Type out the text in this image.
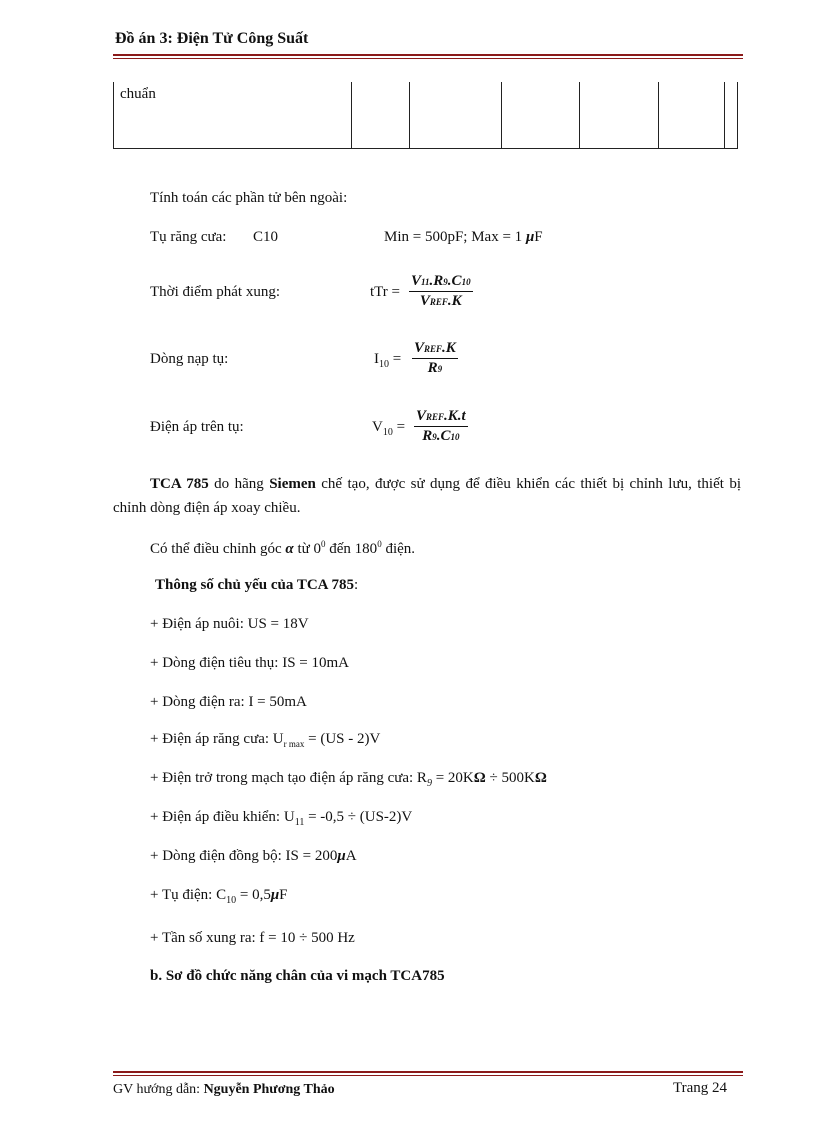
Đồ án 3: Điện Tử Công Suất
chuẩn						
Tính toán các phần tử bên ngoài:
Tụ răng cưa: C10	Min = 500pF; Max = 1 μF
Thời điểm phát xung:	tTr =
V11.R9.C10
VREF.K
Dòng nạp tụ:	$I_{10}$ =
VREF.K
R9
Điện áp trên tụ:	$V_{10}$ =
VREF.K.t
R9.C10
TCA 785 do hãng Siemen chế tạo, được sử dụng để điều khiển các thiết bị chỉnh lưu, thiết bị chỉnh dòng điện áp xoay chiều.
Có thể điều chỉnh góc α từ $0^0$ đến $180^0$ điện.
Thông số chủ yếu của TCA 785:
+ Điện áp nuôi: US = 18V
+ Dòng điện tiêu thụ: IS = 10mA
+ Dòng điện ra: I = 50mA
+ Điện áp răng cưa: $U_{r max} = (US - 2)V$
+ Điện trở trong mạch tạo điện áp răng cưa: $R_9 = 20K\Omega \div 500K\Omega$
+ Điện áp điều khiển: $U_{11} = -0,5 \div (US-2)V$
+ Dòng điện đồng bộ: IS = 200μA
+ Tụ điện: $C_{10} = 0,5\mu F$
+ Tần số xung ra: f = 10 ÷ 500 Hz
b. Sơ đồ chức năng chân của vi mạch TCA785
GV hướng dẫn: Nguyễn Phương Thảo	Trang 24
